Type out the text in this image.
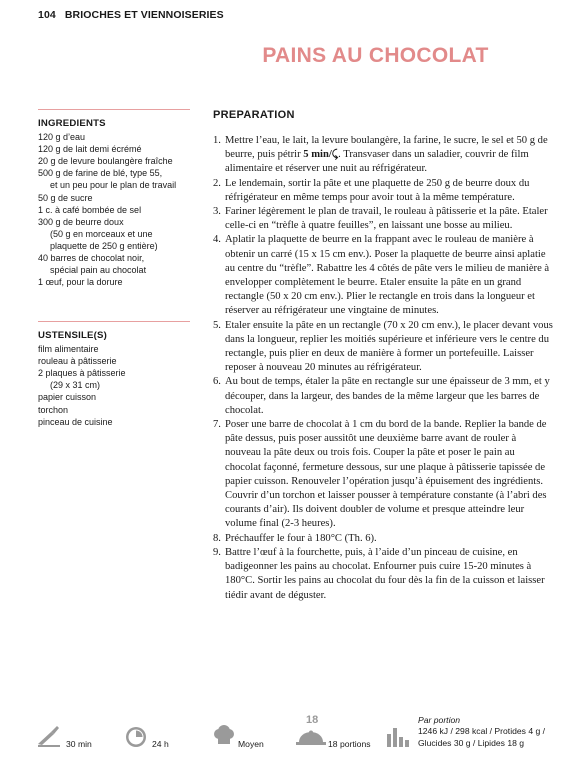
104 BRIOCHES ET VIENNOISERIES
PAINS AU CHOCOLAT
INGREDIENTS
120 g d’eau
120 g de lait demi écrémé
20 g de levure boulangère fraîche
500 g de farine de blé, type 55,
et un peu pour le plan de travail
50 g de sucre
1 c. à café bombée de sel
300 g de beurre doux
(50 g en morceaux et une plaquette de 250 g entière)
40 barres de chocolat noir,
spécial pain au chocolat
1 œuf, pour la dorure
USTENSILE(S)
film alimentaire
rouleau à pâtisserie
2 plaques à pâtisserie
(29 x 31 cm)
papier cuisson
torchon
pinceau de cuisine
PREPARATION
1. Mettre l’eau, le lait, la levure boulangère, la farine, le sucre, le sel et 50 g de beurre, puis pétrir 5 min/⤹. Transvaser dans un saladier, couvrir de film alimentaire et réserver une nuit au réfrigérateur.
2. Le lendemain, sortir la pâte et une plaquette de 250 g de beurre doux du réfrigérateur en même temps pour avoir tout à la même température.
3. Fariner légèrement le plan de travail, le rouleau à pâtisserie et la pâte. Etaler celle-ci en “trèfle à quatre feuilles”, en laissant une bosse au milieu.
4. Aplatir la plaquette de beurre en la frappant avec le rouleau de manière à obtenir un carré (15 x 15 cm env.). Poser la plaquette de beurre ainsi aplatie au centre du “trèfle”. Rabattre les 4 côtés de pâte vers le milieu de manière à envelopper complètement le beurre. Etaler ensuite la pâte en un grand rectangle (50 x 20 cm env.). Plier le rectangle en trois dans la longueur et réserver au réfrigérateur une vingtaine de minutes.
5. Etaler ensuite la pâte en un rectangle (70 x 20 cm env.), le placer devant vous dans la longueur, replier les moitiés supérieure et inférieure vers le centre du rectangle, puis plier en deux de manière à former un portefeuille. Laisser reposer à nouveau 20 minutes au réfrigérateur.
6. Au bout de temps, étaler la pâte en rectangle sur une épaisseur de 3 mm, et y découper, dans la largeur, des bandes de la même largeur que les barres de chocolat.
7. Poser une barre de chocolat à 1 cm du bord de la bande. Replier la bande de pâte dessus, puis poser aussitôt une deuxième barre avant de rouler à nouveau la pâte deux ou trois fois. Couper la pâte et poser le pain au chocolat façonné, fermeture dessous, sur une plaque à pâtisserie tapissée de papier cuisson. Renouveler l’opération jusqu’à épuisement des ingrédients. Couvrir d’un torchon et laisser pousser à température constante (à l’abri des courants d’air). Ils doivent doubler de volume et presque atteindre leur volume final (2-3 heures).
8. Préchauffer le four à 180°C (Th. 6).
9. Battre l’œuf à la fourchette, puis, à l’aide d’un pinceau de cuisine, en badigeonner les pains au chocolat. Enfourner puis cuire 15-20 minutes à 180°C. Sortir les pains au chocolat du four dès la fin de la cuisson et laisser tiédir avant de déguster.
30 min	24 h	Moyen
18
18 portions
Par portion
1246 kJ / 298 kcal / Protides 4 g /
Glucides 30 g / Lipides 18 g
